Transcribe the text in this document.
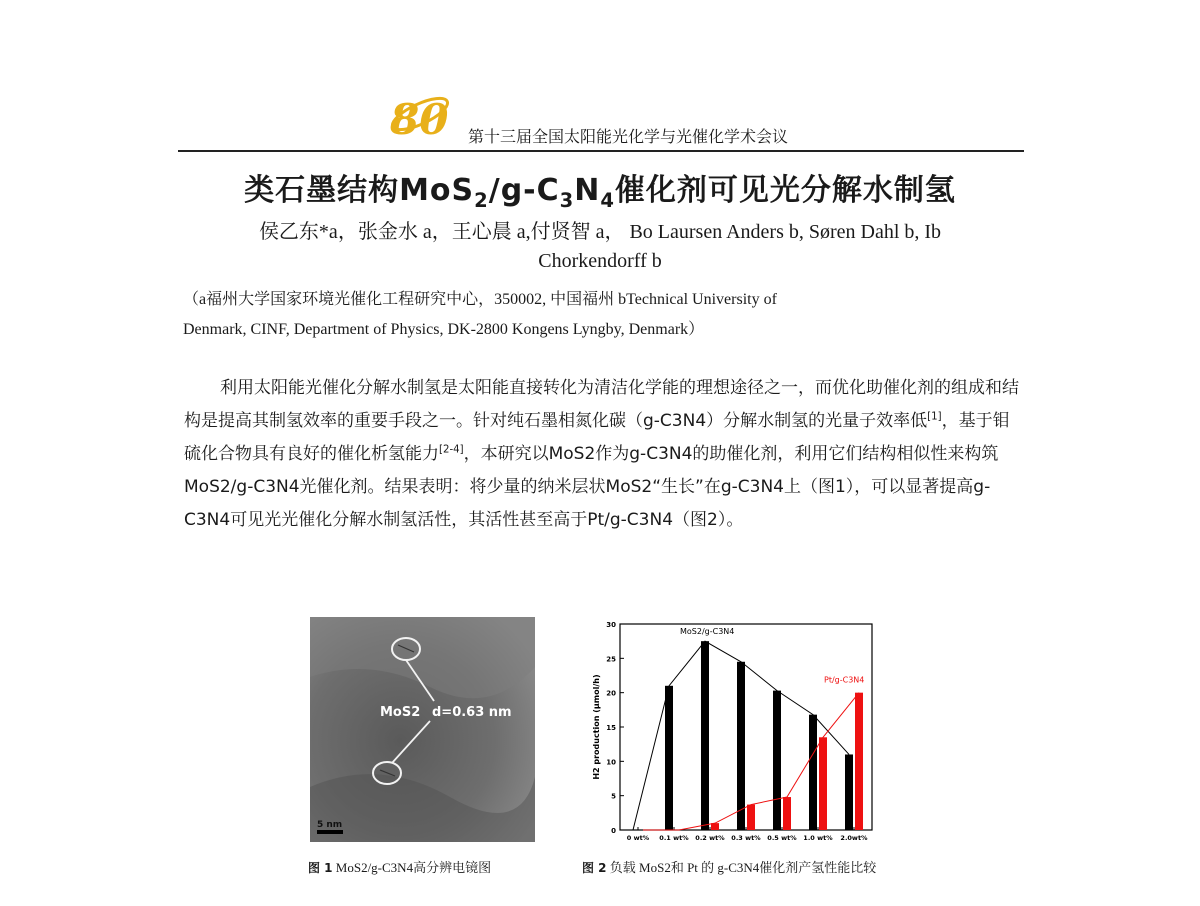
80 第十三届全国太阳能光化学与光催化学术会议
类石墨结构$MoS_2/g-C_3N_4$催化剂可见光分解水制氢
侯乙东*a，张金水 a，王心晨 a,付贤智 a， Bo Laursen Anders b, Søren Dahl b, Ib
Chorkendorff b
（a福州大学国家环境光催化工程研究中心，350002, 中国福州 bTechnical University of
Denmark, CINF, Department of Physics, DK-2800 Kongens Lyngby, Denmark）

利用太阳能光催化分解水制氢是太阳能直接转化为清洁化学能的理想途径之一，而优化助催化剂的组成和结构是提高其制氢效率的重要手段之一。针对纯石墨相氮化碳（g-C3N4）分解水制氢的光量子效率低[1]，基于钼硫化合物具有良好的催化析氢能力[2-4]，本研究以MoS2作为g-C3N4的助催化剂，利用它们结构相似性来构筑MoS2/g-C3N4光催化剂。结果表明：将少量的纳米层状MoS2“生长”在g-C3N4上（图1），可以显著提高g-C3N4可见光光催化分解水制氢活性，其活性甚至高于Pt/g-C3N4（图2）。

MoS2 d=0.63 nm
5 nm
0
5
10
15
20
25
30
H2 production (μmol/h)
0 wt% 0.1 wt% 0.2 wt% 0.3 wt% 0.5 wt% 1.0 wt% 2.0wt%
MoS2/g-C3N4
Pt/g-C3N4
图 1 MoS2/g-C3N4高分辨电镜图	图 2 负载 MoS2和 Pt 的 g-C3N4催化剂产氢性能比较
